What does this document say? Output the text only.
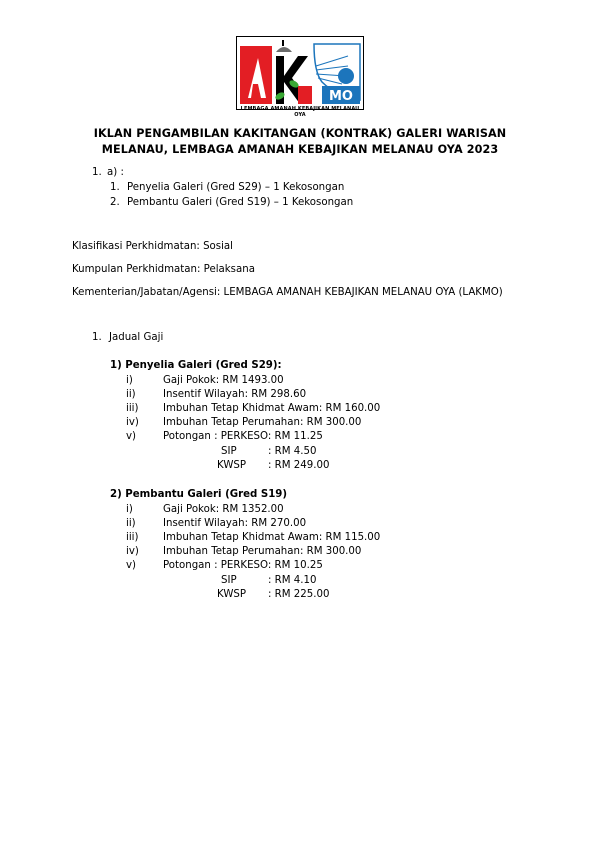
MO
LEMBAGA AMANAH KEBAJIKAN MELANAU OYA
IKLAN PENGAMBILAN KAKITANGAN (KONTRAK) GALERI WARISAN
MELANAU, LEMBAGA AMANAH KEBAJIKAN MELANAU OYA 2023
1. a) :
1. Penyelia Galeri (Gred S29) – 1 Kekosongan
2. Pembantu Galeri (Gred S19) – 1 Kekosongan
Klasifikasi Perkhidmatan: Sosial
Kumpulan Perkhidmatan: Pelaksana
Kementerian/Jabatan/Agensi: LEMBAGA AMANAH KEBAJIKAN MELANAU OYA (LAKMO)
1. Jadual Gaji
1) Penyelia Galeri (Gred S29):
i)	Gaji Pokok: RM 1493.00
ii)	Insentif Wilayah: RM 298.60
iii) Imbuhan Tetap Khidmat Awam: RM 160.00
iv) Imbuhan Tetap Perumahan: RM 300.00
v)	Potongan : PERKESO: RM 11.25
SIP	: RM 4.50
KWSP : RM 249.00
2) Pembantu Galeri (Gred S19)
i)	Gaji Pokok: RM 1352.00
ii)	Insentif Wilayah: RM 270.00
iii) Imbuhan Tetap Khidmat Awam: RM 115.00
iv) Imbuhan Tetap Perumahan: RM 300.00
v)	Potongan : PERKESO: RM 10.25
SIP	: RM 4.10
KWSP : RM 225.00
